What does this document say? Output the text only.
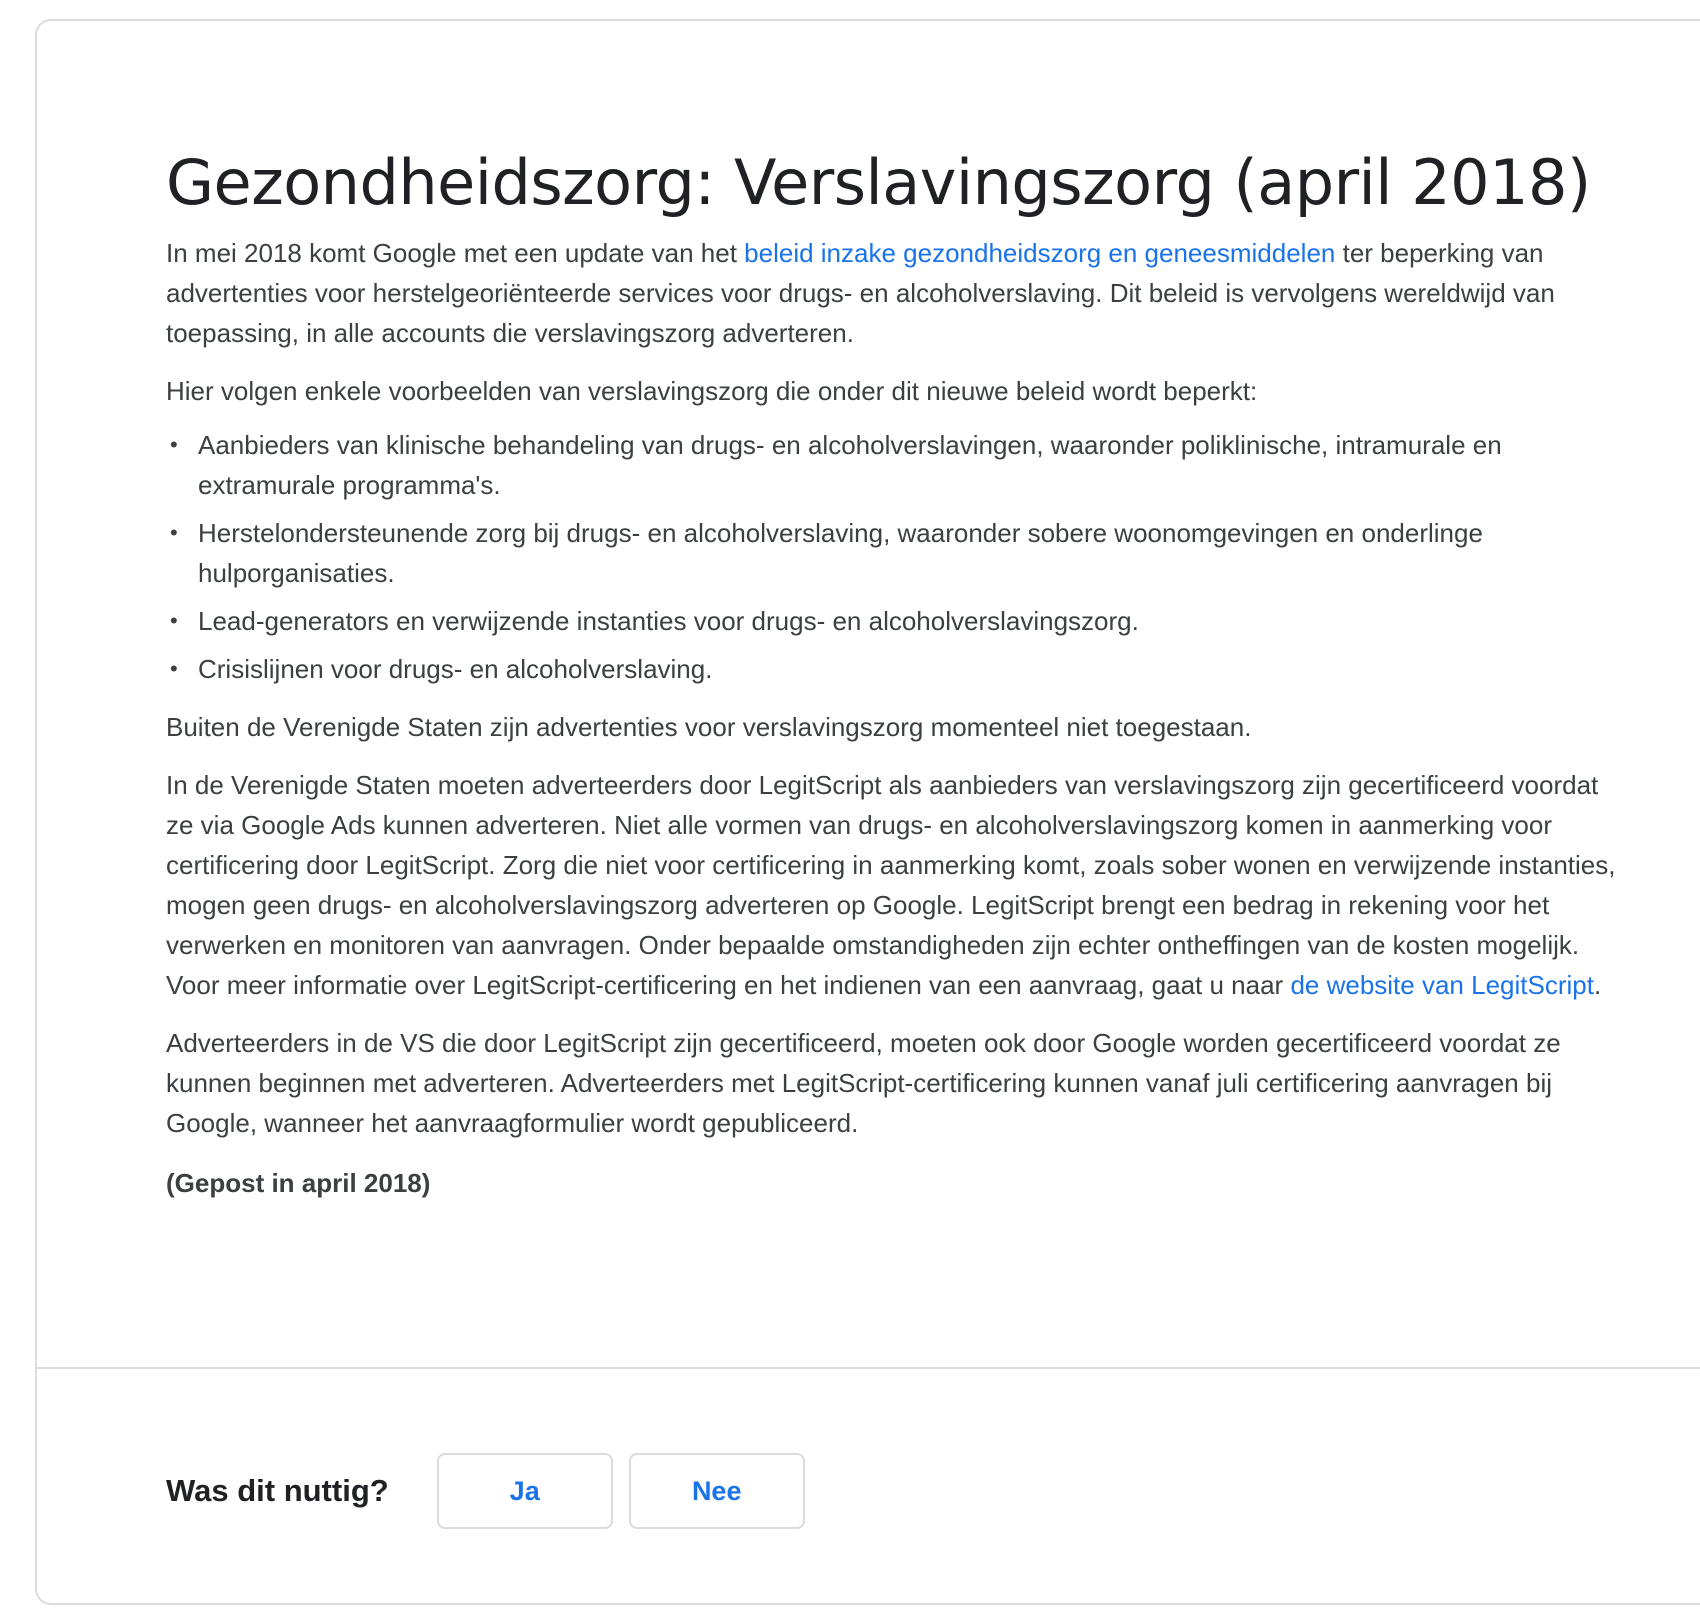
Gezondheidszorg: Verslavingszorg (april 2018)

In mei 2018 komt Google met een update van het beleid inzake gezondheidszorg en geneesmiddelen ter beperking van advertenties voor herstelgeoriënteerde services voor drugs- en alcoholverslaving. Dit beleid is vervolgens wereldwijd van toepassing, in alle accounts die verslavingszorg adverteren.

Hier volgen enkele voorbeelden van verslavingszorg die onder dit nieuwe beleid wordt beperkt:

• Aanbieders van klinische behandeling van drugs- en alcoholverslavingen, waaronder poliklinische, intramurale en extramurale programma's.
• Herstelondersteunende zorg bij drugs- en alcoholverslaving, waaronder sobere woonomgevingen en onderlinge hulporganisaties.
• Lead-generators en verwijzende instanties voor drugs- en alcoholverslavingszorg.
• Crisislijnen voor drugs- en alcoholverslaving.

Buiten de Verenigde Staten zijn advertenties voor verslavingszorg momenteel niet toegestaan.

In de Verenigde Staten moeten adverteerders door LegitScript als aanbieders van verslavingszorg zijn gecertificeerd voordat ze via Google Ads kunnen adverteren. Niet alle vormen van drugs- en alcoholverslavingszorg komen in aanmerking voor certificering door LegitScript. Zorg die niet voor certificering in aanmerking komt, zoals sober wonen en verwijzende instanties, mogen geen drugs- en alcoholverslavingszorg adverteren op Google. LegitScript brengt een bedrag in rekening voor het verwerken en monitoren van aanvragen. Onder bepaalde omstandigheden zijn echter ontheffingen van de kosten mogelijk. Voor meer informatie over LegitScript-certificering en het indienen van een aanvraag, gaat u naar de website van LegitScript.

Adverteerders in de VS die door LegitScript zijn gecertificeerd, moeten ook door Google worden gecertificeerd voordat ze kunnen beginnen met adverteren. Adverteerders met LegitScript-certificering kunnen vanaf juli certificering aanvragen bij Google, wanneer het aanvraagformulier wordt gepubliceerd.

(Gepost in april 2018)

Was dit nuttig?	Ja	Nee
